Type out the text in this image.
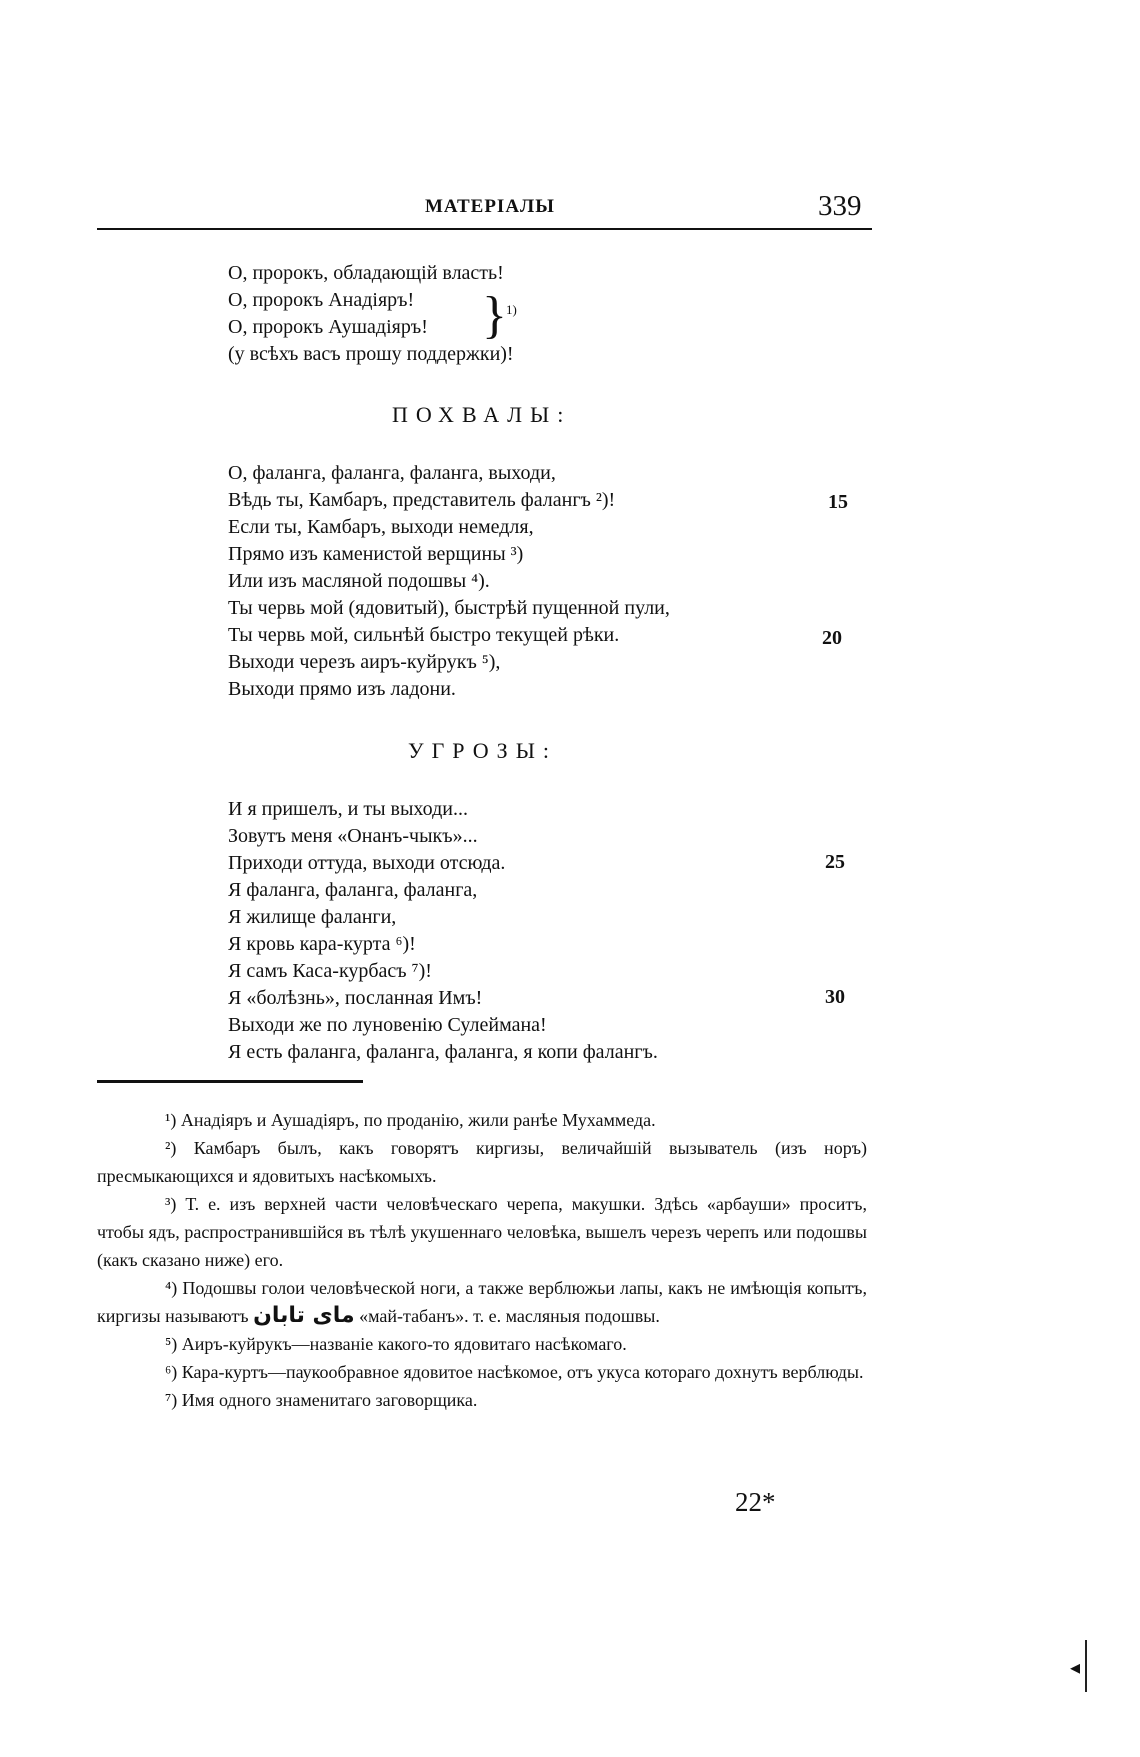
МАТЕРІАЛЫ	339
О, пророкъ, обладающій власть!
О, пророкъ Анадіяръ!
О, пророкъ Аушадіяръ!
(у всѣхъ васъ прошу поддержки)!
} 1)
ПОХВАЛЫ:
О, фаланга, фаланга, фаланга, выходи,
Вѣдь ты, Камбаръ, представитель фалангъ ²)!
Если ты, Камбаръ, выходи немедля,
Прямо изъ каменистой верщины ³)
Или изъ масляной подошвы ⁴).
Ты червь мой (ядовитый), быстрѣй пущенной пули,
Ты червь мой, сильнѣй быстро текущей рѣки.
Выходи черезъ аиръ-куйрукъ ⁵),
Выходи прямо изъ ладони.
15
20
УГРОЗЫ:
И я пришелъ, и ты выходи...
Зовутъ меня «Онанъ-чыкъ»...
Приходи оттуда, выходи отсюда.
Я фаланга, фаланга, фаланга,
Я жилище фаланги,
Я кровь кара-курта ⁶)!
Я самъ Каса-курбасъ ⁷)!
Я «болѣзнь», посланная Имъ!
Выходи же по луновенію Сулеймана!
Я есть фаланга, фаланга, фаланга, я копи фалангъ.
25
30

¹) Анадіяръ и Аушадіяръ, по проданію, жили ранѣе Мухаммеда.

²) Камбаръ былъ, какъ говорятъ киргизы, величайшій вызыватель (изъ норъ) пресмыкающихся и ядовитыхъ насѣкомыхъ.

³) Т. е. изъ верхней части человѣческаго черепа, макушки. Здѣсь «арбауши» проситъ, чтобы ядъ, распространившійся въ тѣлѣ укушеннаго человѣка, вышелъ черезъ черепъ или подошвы (какъ сказано ниже) его.

⁴) Подошвы голои человѣческой ноги, а также верблюжьи лапы, какъ не имѣющія копытъ, киргизы называютъ ماى تابان «май-табанъ». т. е. масляныя подошвы.

⁵) Аиръ-куйрукъ—названіе какого-то ядовитаго насѣкомаго.

⁶) Кара-куртъ—паукообравное ядовитое насѣкомое, отъ укуса котораго дохнутъ верблюды.

⁷) Имя одного знаменитаго заговорщика.

22*
◂
